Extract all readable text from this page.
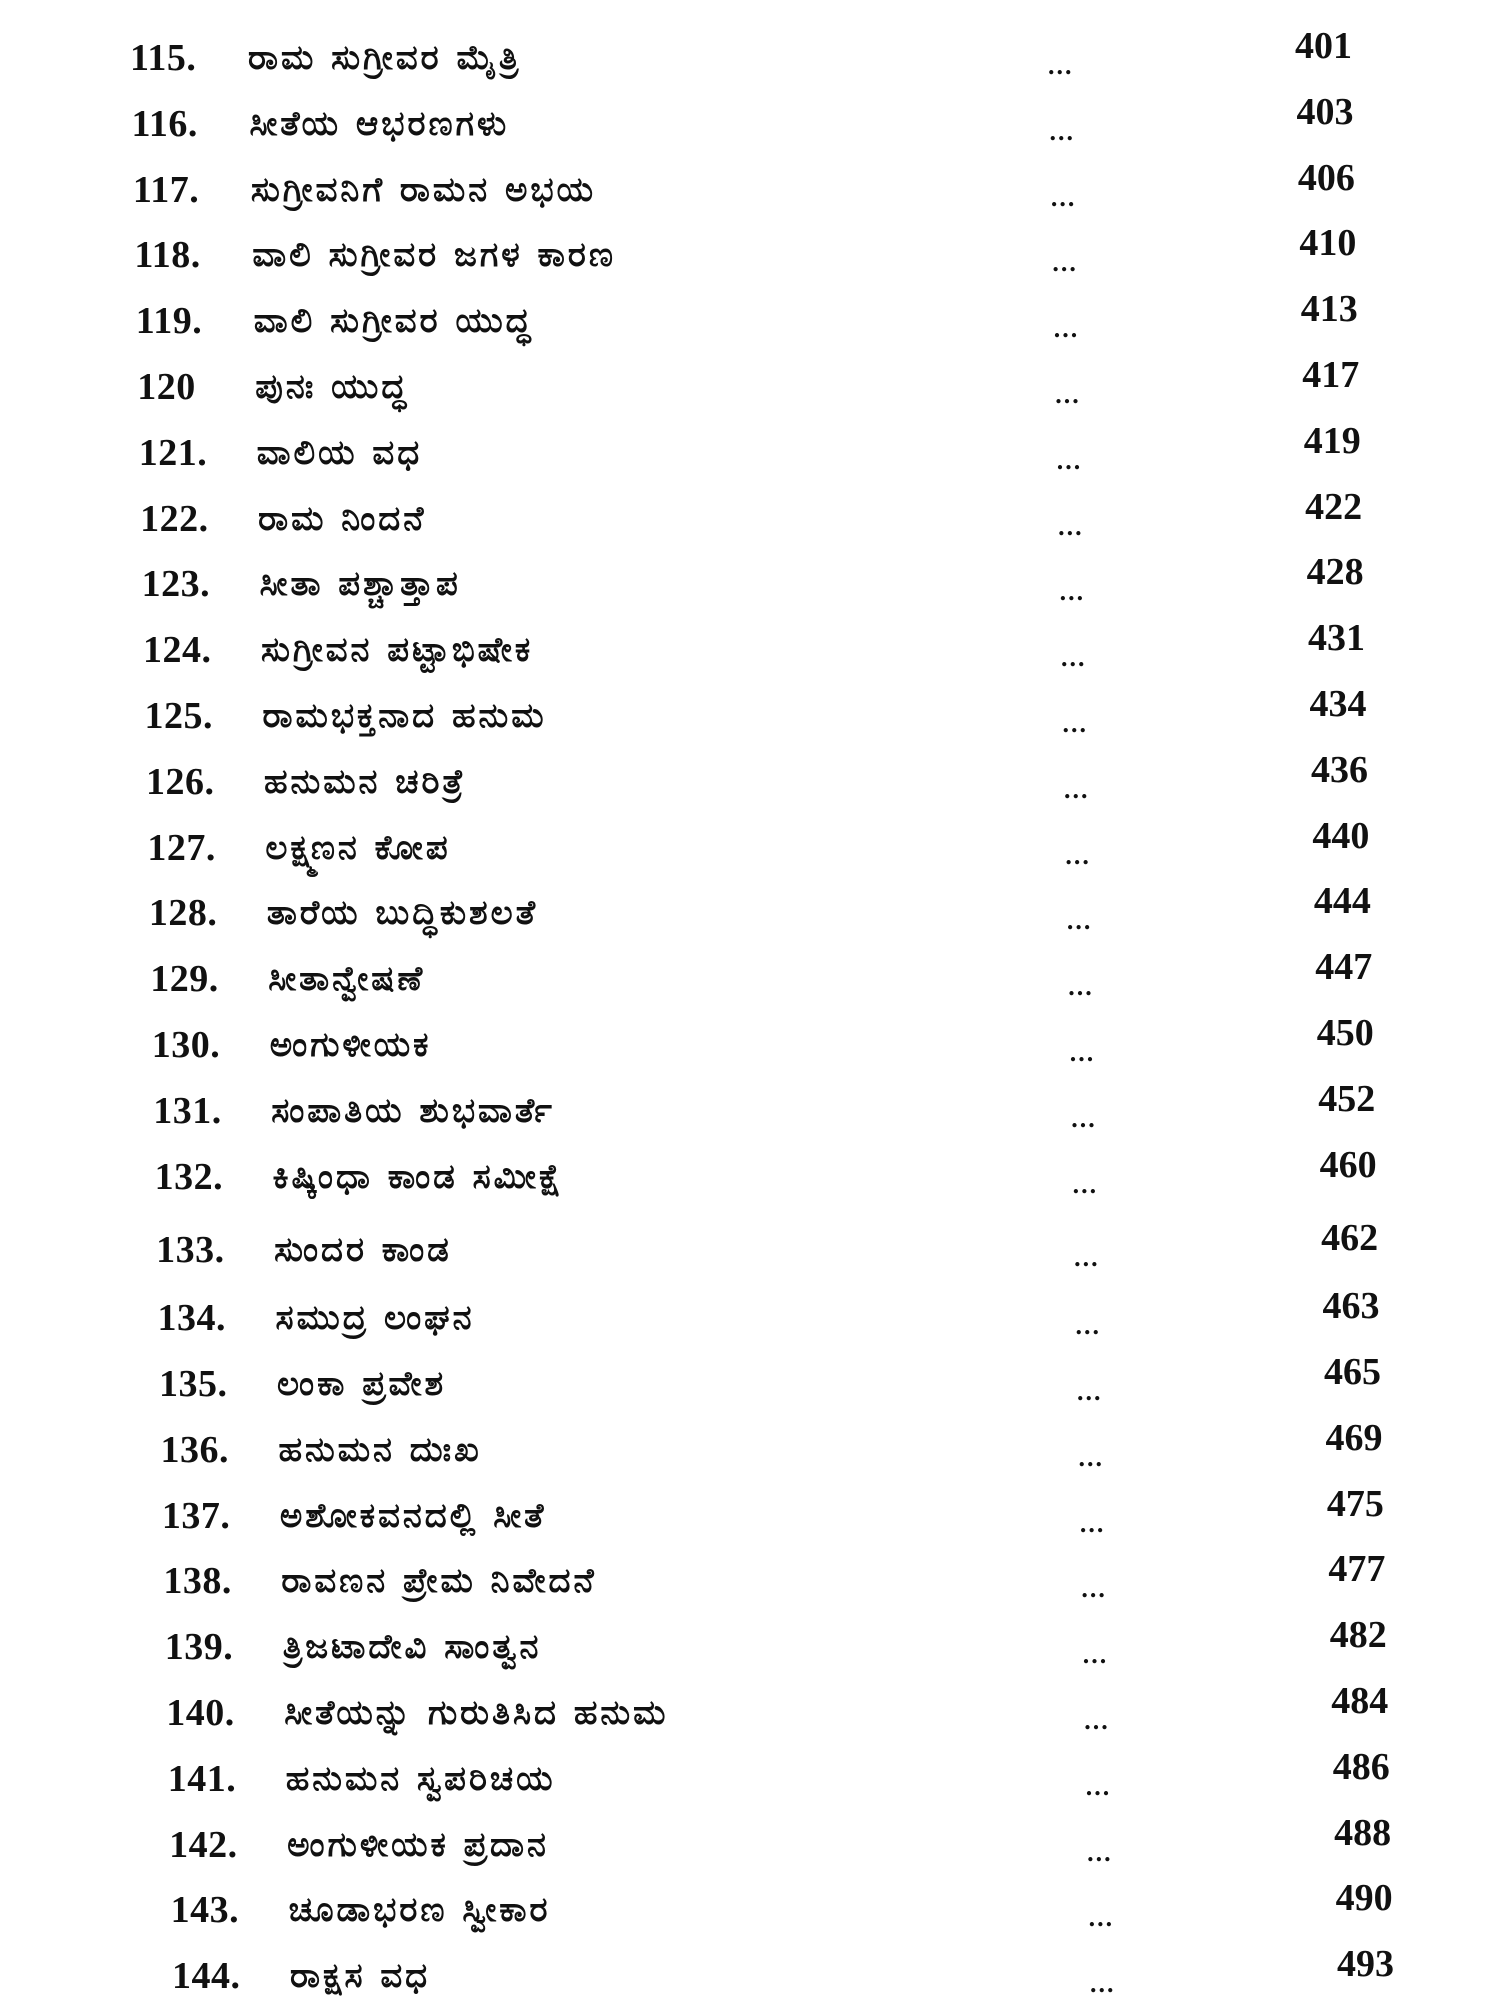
115.	ರಾಮ ಸುಗ್ರೀವರ ಮೈತ್ರಿ	...	401
116.	ಸೀತೆಯ ಆಭರಣಗಳು	...	403
117.	ಸುಗ್ರೀವನಿಗೆ ರಾಮನ ಅಭಯ	...	406
118.	ವಾಲಿ ಸುಗ್ರೀವರ ಜಗಳ ಕಾರಣ	...	410
119.	ವಾಲಿ ಸುಗ್ರೀವರ ಯುದ್ಧ	...	413
120	ಪುನಃ ಯುದ್ಧ	...	417
121.	ವಾಲಿಯ ವಧ	...	419
122.	ರಾಮ ನಿಂದನೆ	...	422
123.	ಸೀತಾ ಪಶ್ಚಾತ್ತಾಪ	...	428
124.	ಸುಗ್ರೀವನ ಪಟ್ಟಾಭಿಷೇಕ	...	431
125.	ರಾಮಭಕ್ತನಾದ ಹನುಮ	...	434
126.	ಹನುಮನ ಚರಿತ್ರೆ	...	436
127.	ಲಕ್ಷ್ಮಣನ ಕೋಪ	...	440
128.	ತಾರೆಯ ಬುದ್ಧಿಕುಶಲತೆ	...	444
129.	ಸೀತಾನ್ವೇಷಣೆ	...	447
130.	ಅಂಗುಳೀಯಕ	...	450
131.	ಸಂಪಾತಿಯ ಶುಭವಾರ್ತೆ	...	452
132.	ಕಿಷ್ಕಿಂಧಾ ಕಾಂಡ ಸಮೀಕ್ಷೆ	...	460
133.	ಸುಂದರ ಕಾಂಡ	...	462
134.	ಸಮುದ್ರ ಲಂಘನ	...	463
135.	ಲಂಕಾ ಪ್ರವೇಶ	...	465
136.	ಹನುಮನ ದುಃಖ	...	469
137.	ಅಶೋಕವನದಲ್ಲಿ ಸೀತೆ	...	475
138.	ರಾವಣನ ಪ್ರೇಮ ನಿವೇದನೆ	...	477
139.	ತ್ರಿಜಟಾದೇವಿ ಸಾಂತ್ವನ	...	482
140.	ಸೀತೆಯನ್ನು ಗುರುತಿಸಿದ ಹನುಮ	...	484
141.	ಹನುಮನ ಸ್ವಪರಿಚಯ	...	486
142.	ಅಂಗುಳೀಯಕ ಪ್ರದಾನ	...	488
143.	ಚೂಡಾಭರಣ ಸ್ವೀಕಾರ	...	490
144.	ರಾಕ್ಷಸ ವಧ	...	493
